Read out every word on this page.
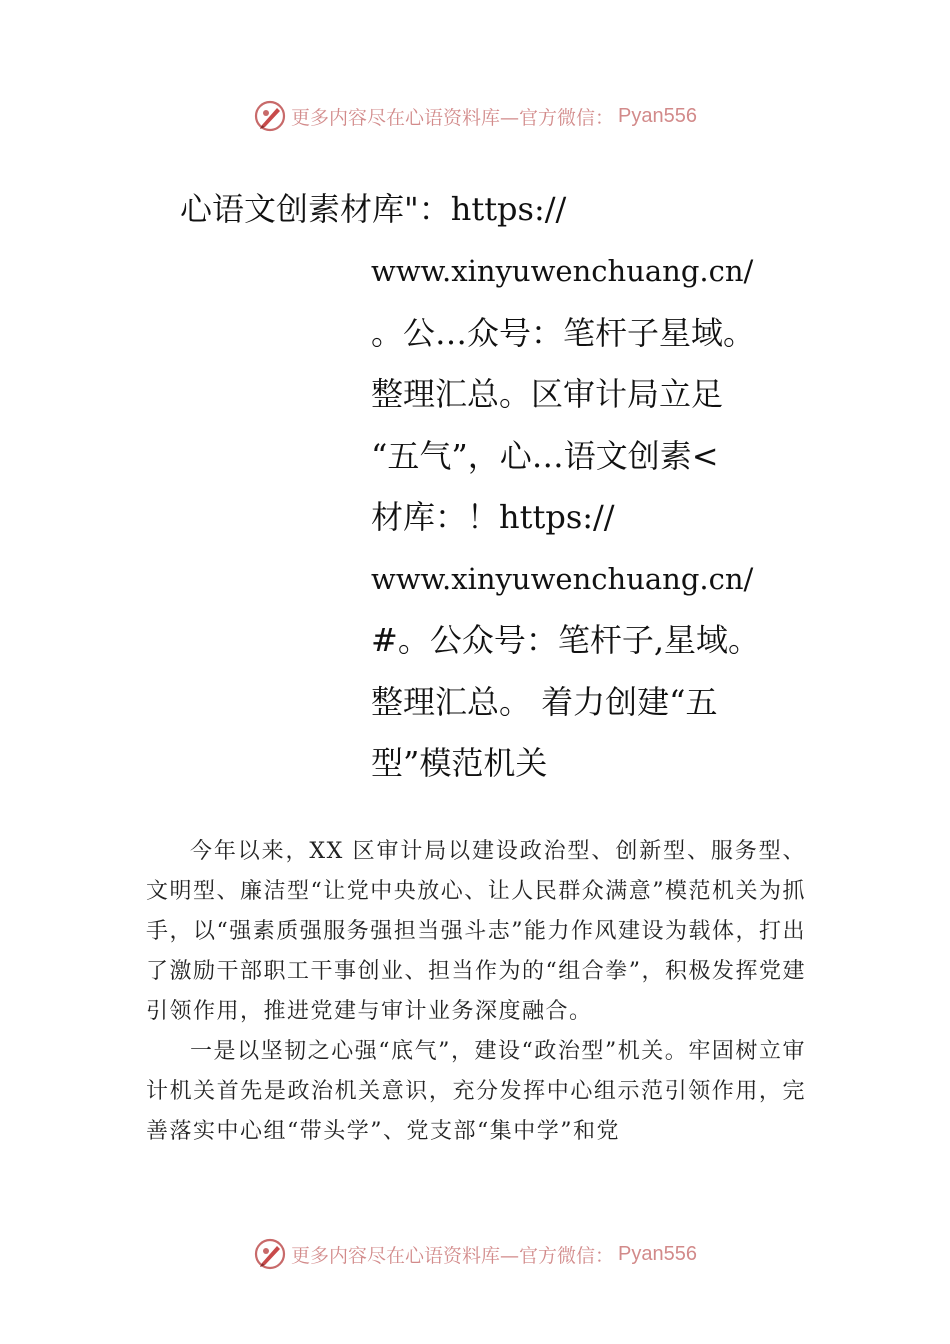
更多内容尽在心语资料库—官方微信： Pyan556
心语文创素材库"：https://
www.xinyuwenchuang.cn/
。公…众号：笔杆子星域。
整理汇总。区审计局立足
“五气”，心…语文创素<
材库：！https://
www.xinyuwenchuang.cn/
#。公众号：笔杆子,星域。
整理汇总。 着力创建“五
型”模范机关

今年以来，XX 区审计局以建设政治型、创新型、服务型、文明型、廉洁型“让党中央放心、让人民群众满意”模范机关为抓手，以“强素质强服务强担当强斗志”能力作风建设为载体，打出了激励干部职工干事创业、担当作为的“组合拳”，积极发挥党建引领作用，推进党建与审计业务深度融合。

一是以坚韧之心强“底气”，建设“政治型”机关。牢固树立审计机关首先是政治机关意识，充分发挥中心组示范引领作用，完善落实中心组“带头学”、党支部“集中学”和党

更多内容尽在心语资料库—官方微信： Pyan556
